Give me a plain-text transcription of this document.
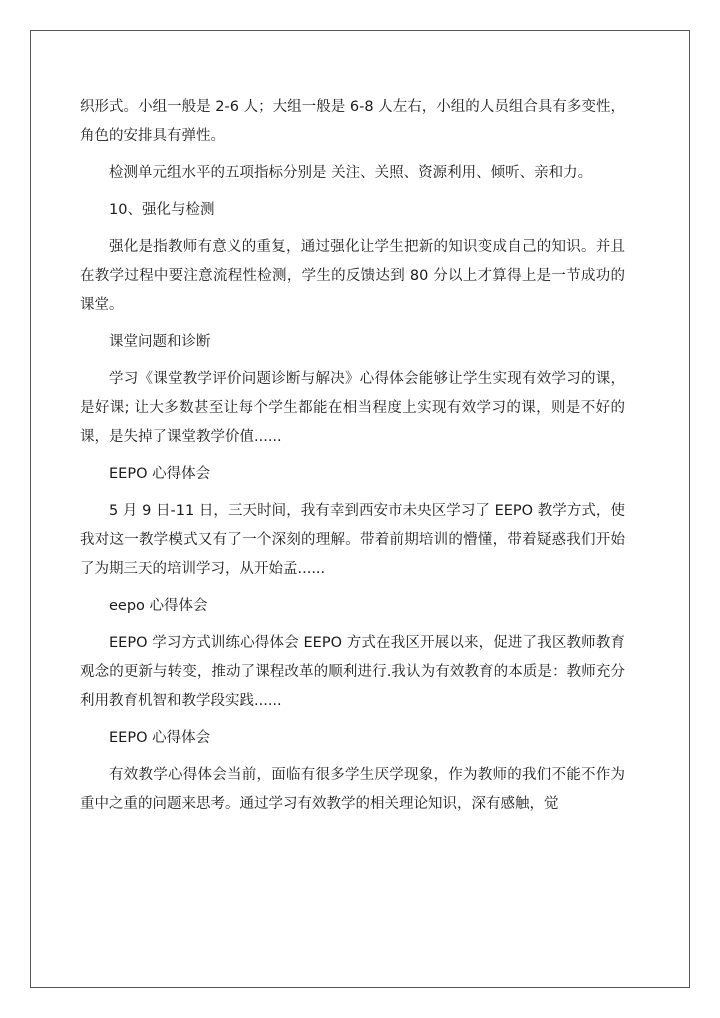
织形式。小组一般是 2-6 人；大组一般是 6-8 人左右，小组的人员组合具有多变性，角色的安排具有弹性。

检测单元组水平的五项指标分别是 关注、关照、资源利用、倾听、亲和力。

10、强化与检测

强化是指教师有意义的重复，通过强化让学生把新的知识变成自己的知识。并且在教学过程中要注意流程性检测，学生的反馈达到 80 分以上才算得上是一节成功的课堂。

课堂问题和诊断

学习《课堂教学评价问题诊断与解决》心得体会能够让学生实现有效学习的课，是好课; 让大多数甚至让每个学生都能在相当程度上实现有效学习的课，则是不好的课，是失掉了课堂教学价值......

EEPO 心得体会

5 月 9 日-11 日，三天时间，我有幸到西安市未央区学习了 EEPO 教学方式，使我对这一教学模式又有了一个深刻的理解。带着前期培训的懵懂，带着疑惑我们开始了为期三天的培训学习，从开始孟......

eepo 心得体会

EEPO 学习方式训练心得体会 EEPO 方式在我区开展以来，促进了我区教师教育观念的更新与转变，推动了课程改革的顺利进行.我认为有效教育的本质是：教师充分利用教育机智和教学段实践......

EEPO 心得体会

有效教学心得体会当前，面临有很多学生厌学现象，作为教师的我们不能不作为重中之重的问题来思考。通过学习有效教学的相关理论知识，深有感触，觉
